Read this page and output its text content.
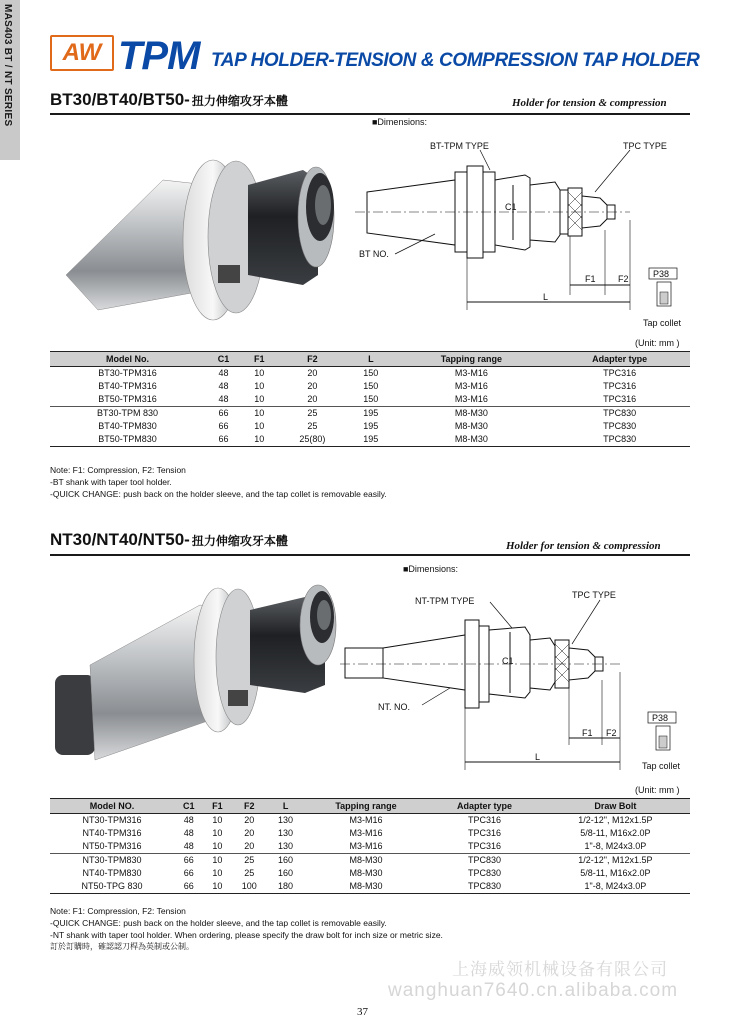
MAS403 BT / NT SERIES	AW TPM TAP HOLDER-TENSION & COMPRESSION TAP HOLDER
BT30/BT40/BT50- 扭力伸缩攻牙本體	Holder for tension & compression
■Dimensions:
BT-TPM TYPE	TPC TYPE
BT NO.
C1
F1 F2
L
P38
Tap collet
(Unit: mm )
Model No.	C1	F1	F2	L	Tapping range	Adapter type
BT30-TPM316	48	10	20	150	M3-M16	TPC316
BT40-TPM316	48	10	20	150	M3-M16	TPC316
BT50-TPM316	48	10	20	150	M3-M16	TPC316
BT30-TPM 830	66	10	25	195	M8-M30	TPC830
BT40-TPM830	66	10	25	195	M8-M30	TPC830
BT50-TPM830	66	10	25(80)	195	M8-M30	TPC830
Note: F1: Compression, F2: Tension
-BT shank with taper tool holder.
-QUICK CHANGE: push back on the holder sleeve, and the tap collet is removable easily.
NT30/NT40/NT50- 扭力伸缩攻牙本體	Holder for tension & compression
■Dimensions:
NT-TPM TYPE
TPC TYPE
NT. NO.
C1
F1 F2
L
P38
Tap collet
(Unit: mm )
Model NO.	C1	F1	F2	L	Tapping range	Adapter type	Draw Bolt
NT30-TPM316	48	10	20	130	M3-M16	TPC316	1/2-12", M12x1.5P
NT40-TPM316	48	10	20	130	M3-M16	TPC316	5/8-11, M16x2.0P
NT50-TPM316	48	10	20	130	M3-M16	TPC316	1"-8, M24x3.0P
NT30-TPM830	66	10	25	160	M8-M30	TPC830	1/2-12", M12x1.5P
NT40-TPM830	66	10	25	160	M8-M30	TPC830	5/8-11, M16x2.0P
NT50-TPG 830	66	10	100	180	M8-M30	TPC830	1"-8, M24x3.0P
Note: F1: Compression, F2: Tension
-QUICK CHANGE: push back on the holder sleeve, and the tap collet is removable easily.
-NT shank with taper tool holder. When ordering, please specify the draw bolt for inch size or metric size.
訂於訂購時，確認認刀桿為英制或公制。
上海威领机械设备有限公司
wanghuan7640.cn.alibaba.com
37
